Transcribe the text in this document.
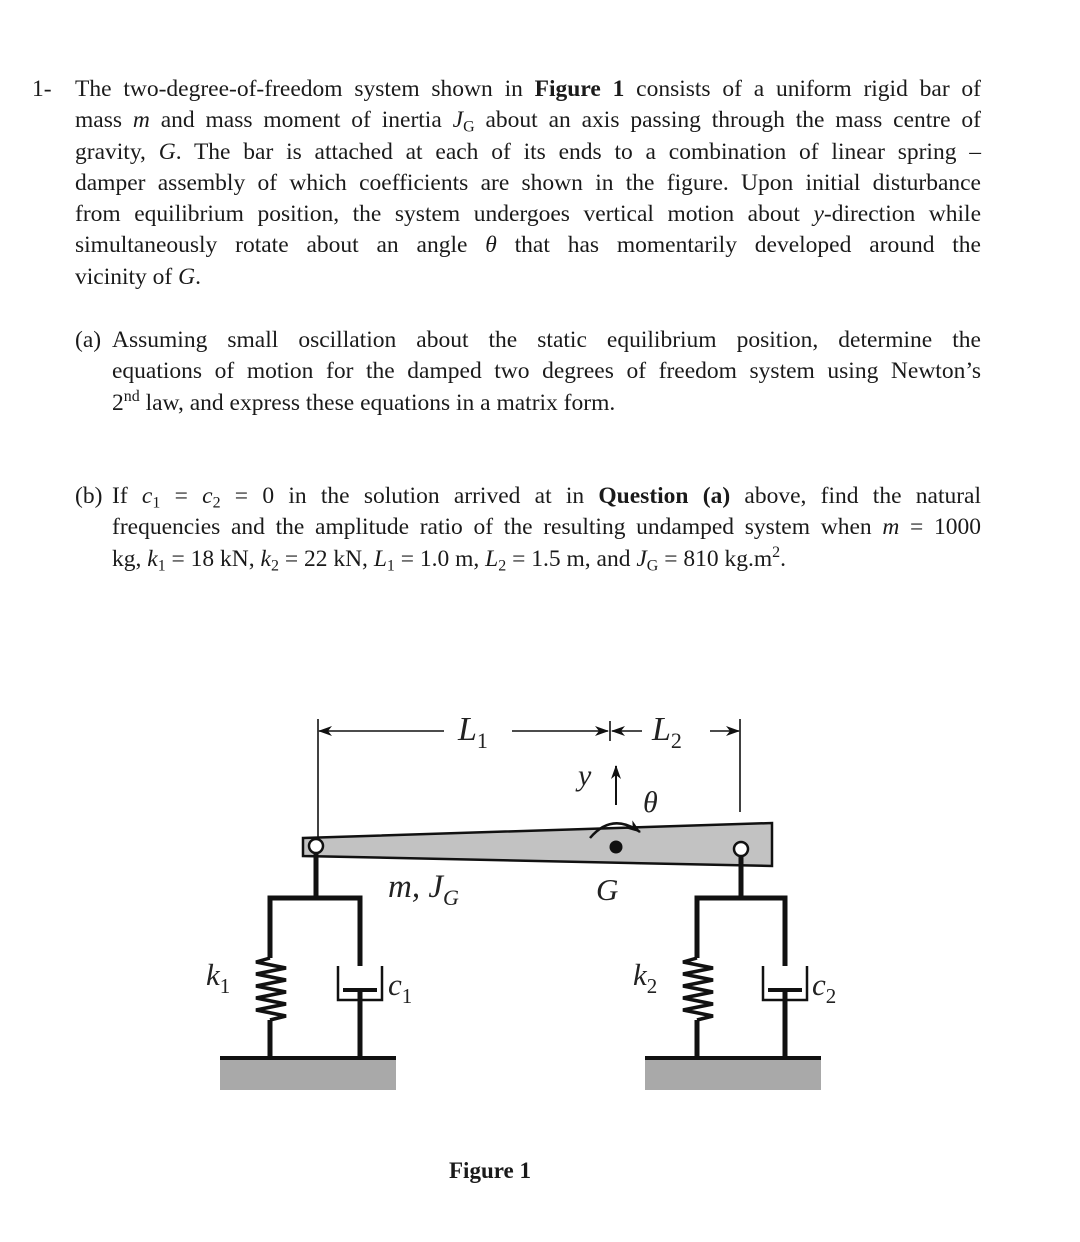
1- The two-degree-of-freedom system shown in Figure 1 consists of a uniform rigid bar of
mass m and mass moment of inertia $J_G$ about an axis passing through the mass centre of
gravity, G. The bar is attached at each of its ends to a combination of linear spring –
damper assembly of which coefficients are shown in the figure. Upon initial disturbance
from equilibrium position, the system undergoes vertical motion about y-direction while
simultaneously rotate about an angle θ that has momentarily developed around the
vicinity of G.
(a) Assuming small oscillation about the static equilibrium position, determine the
equations of motion for the damped two degrees of freedom system using Newton’s
2nd law, and express these equations in a matrix form.
(b) If $c_1 = c_2 = 0$ in the solution arrived at in Question (a) above, find the natural
frequencies and the amplitude ratio of the resulting undamped system when m = 1000
kg, $k_1 = 18$ kN, $k_2 = 22$ kN, $L_1 = 1.0$ m, $L_2 = 1.5$ m, and $J_G = 810$ $kg.m^2$.
$L_1$	$L_2$
y
θ
m, $J_G$	G
$k_1$	$c_1$
$k_2$	$c_2$
Figure 1
